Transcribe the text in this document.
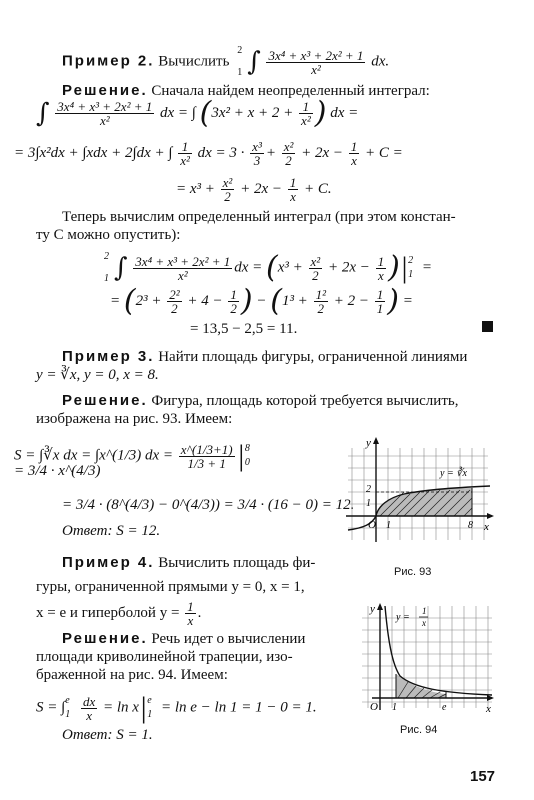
Пример 2. Вычислить
2
1 ∫ $\frac{\text{3x⁴ + x³ + 2x² + 1}}{\text{x²}}$ dx.
Решение. Сначала найдем неопределенный интеграл:
∫ $\frac{\text{3x⁴ + x³ + 2x² + 1}}{\text{x²}}$ dx = ∫ ($3x^2 + x + 2 + \frac{1}{\text{x²}}$ ) dx =
= 3∫x²dx + ∫xdx + 2∫dx + ∫ $\frac{1}{\text{x²}}$ dx = $3 \cdot \frac{\text{x³}}{3} + \frac{\text{x²}}{2} + 2x - \frac{1}{x} + C$ =
= $x^3 + \frac{\text{x²}}{2} + 2x - \frac{1}{x} + C$.
Теперь вычислим определенный интеграл (при этом констан-
ту C можно опустить):
2
1 ∫ $\frac{\text{3x⁴ + x³ + 2x² + 1}}{\text{x²}}$ dx = ($x^3 + \frac{\text{x²}}{2} + 2x - \frac{1}{x}$ )| 2
1 =
= ($2^3 + \frac{\text{2²}}{2} + 4 - \frac{1}{2}$ ) − ($1^3 + \frac{\text{1²}}{2} + 2 - \frac{1}{1}$ ) =
= 13,5 − 2,5 = 11.
Пример 3. Найти площадь фигуры, ограниченной линиями
y = ∛x, y = 0, x = 8.
Решение. Фигура, площадь которой требуется вычислить,
изображена на рис. 93. Имеем:
S = ∫∛x dx = ∫x^(1/3) dx = $\frac{x\^{}(1/3+1)}{1/3 + 1}$ | 8
0
= 3/4 · x^(4/3)
= 3/4 · (8^(4/3) − 0^(4/3)) = 3/4 · (16 − 0) = 12.
Ответ: S = 12.
y
x
O 1	8
2
1
y = ∛x
Рис. 93
Пример 4. Вычислить площадь фи-
гуры, ограниченной прямыми y = 0, x = 1,
x = e и гиперболой $y = \frac{1}{x}$ .
Решение. Речь идет о вычислении
площади криволинейной трапеции, изо-
браженной на рис. 94. Имеем:
S = ∫ e
1
$\frac{dx}{x} = \ln x|$ e
1 = ln e − ln 1 = 1 − 0 = 1.
Ответ: S = 1.
y
x
O 1	e
y =
1
x
Рис. 94
157
